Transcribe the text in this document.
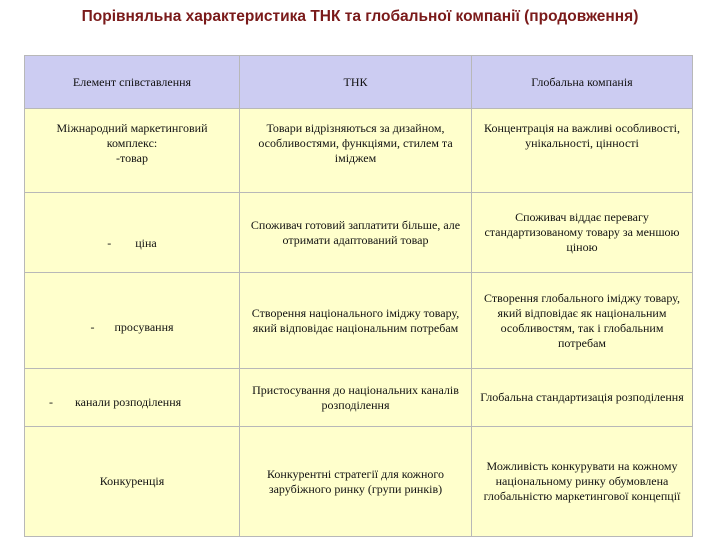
Порівняльна характеристика ТНК та глобальної компанії (продовження)
Елемент співставлення	ТНК	Глобальна компанія

Міжнародний маркетинговий
комплекс:
-товар	Товари відрізняються за дизайном, особливостями, функціями, стилем та іміджем	Концентрація на важливі особливості, унікальності, цінності

- ціна	Споживач готовий заплатити більше, але отримати адаптований товар	Споживач віддає перевагу стандартизованому товару за меншою ціною

- просування	Створення національного іміджу товару, який відповідає національним потребам	Створення глобального іміджу товару, який відповідає як національним особливостям, так і глобальним потребам

- канали розподілення	Пристосування до національних каналів розподілення	Глобальна стандартизація розподілення
Конкуренція	Конкурентні стратегії для кожного зарубіжного ринку (групи ринків)	Можливість конкурувати на кожному національному ринку обумовлена глобальністю маркетингової концепції
